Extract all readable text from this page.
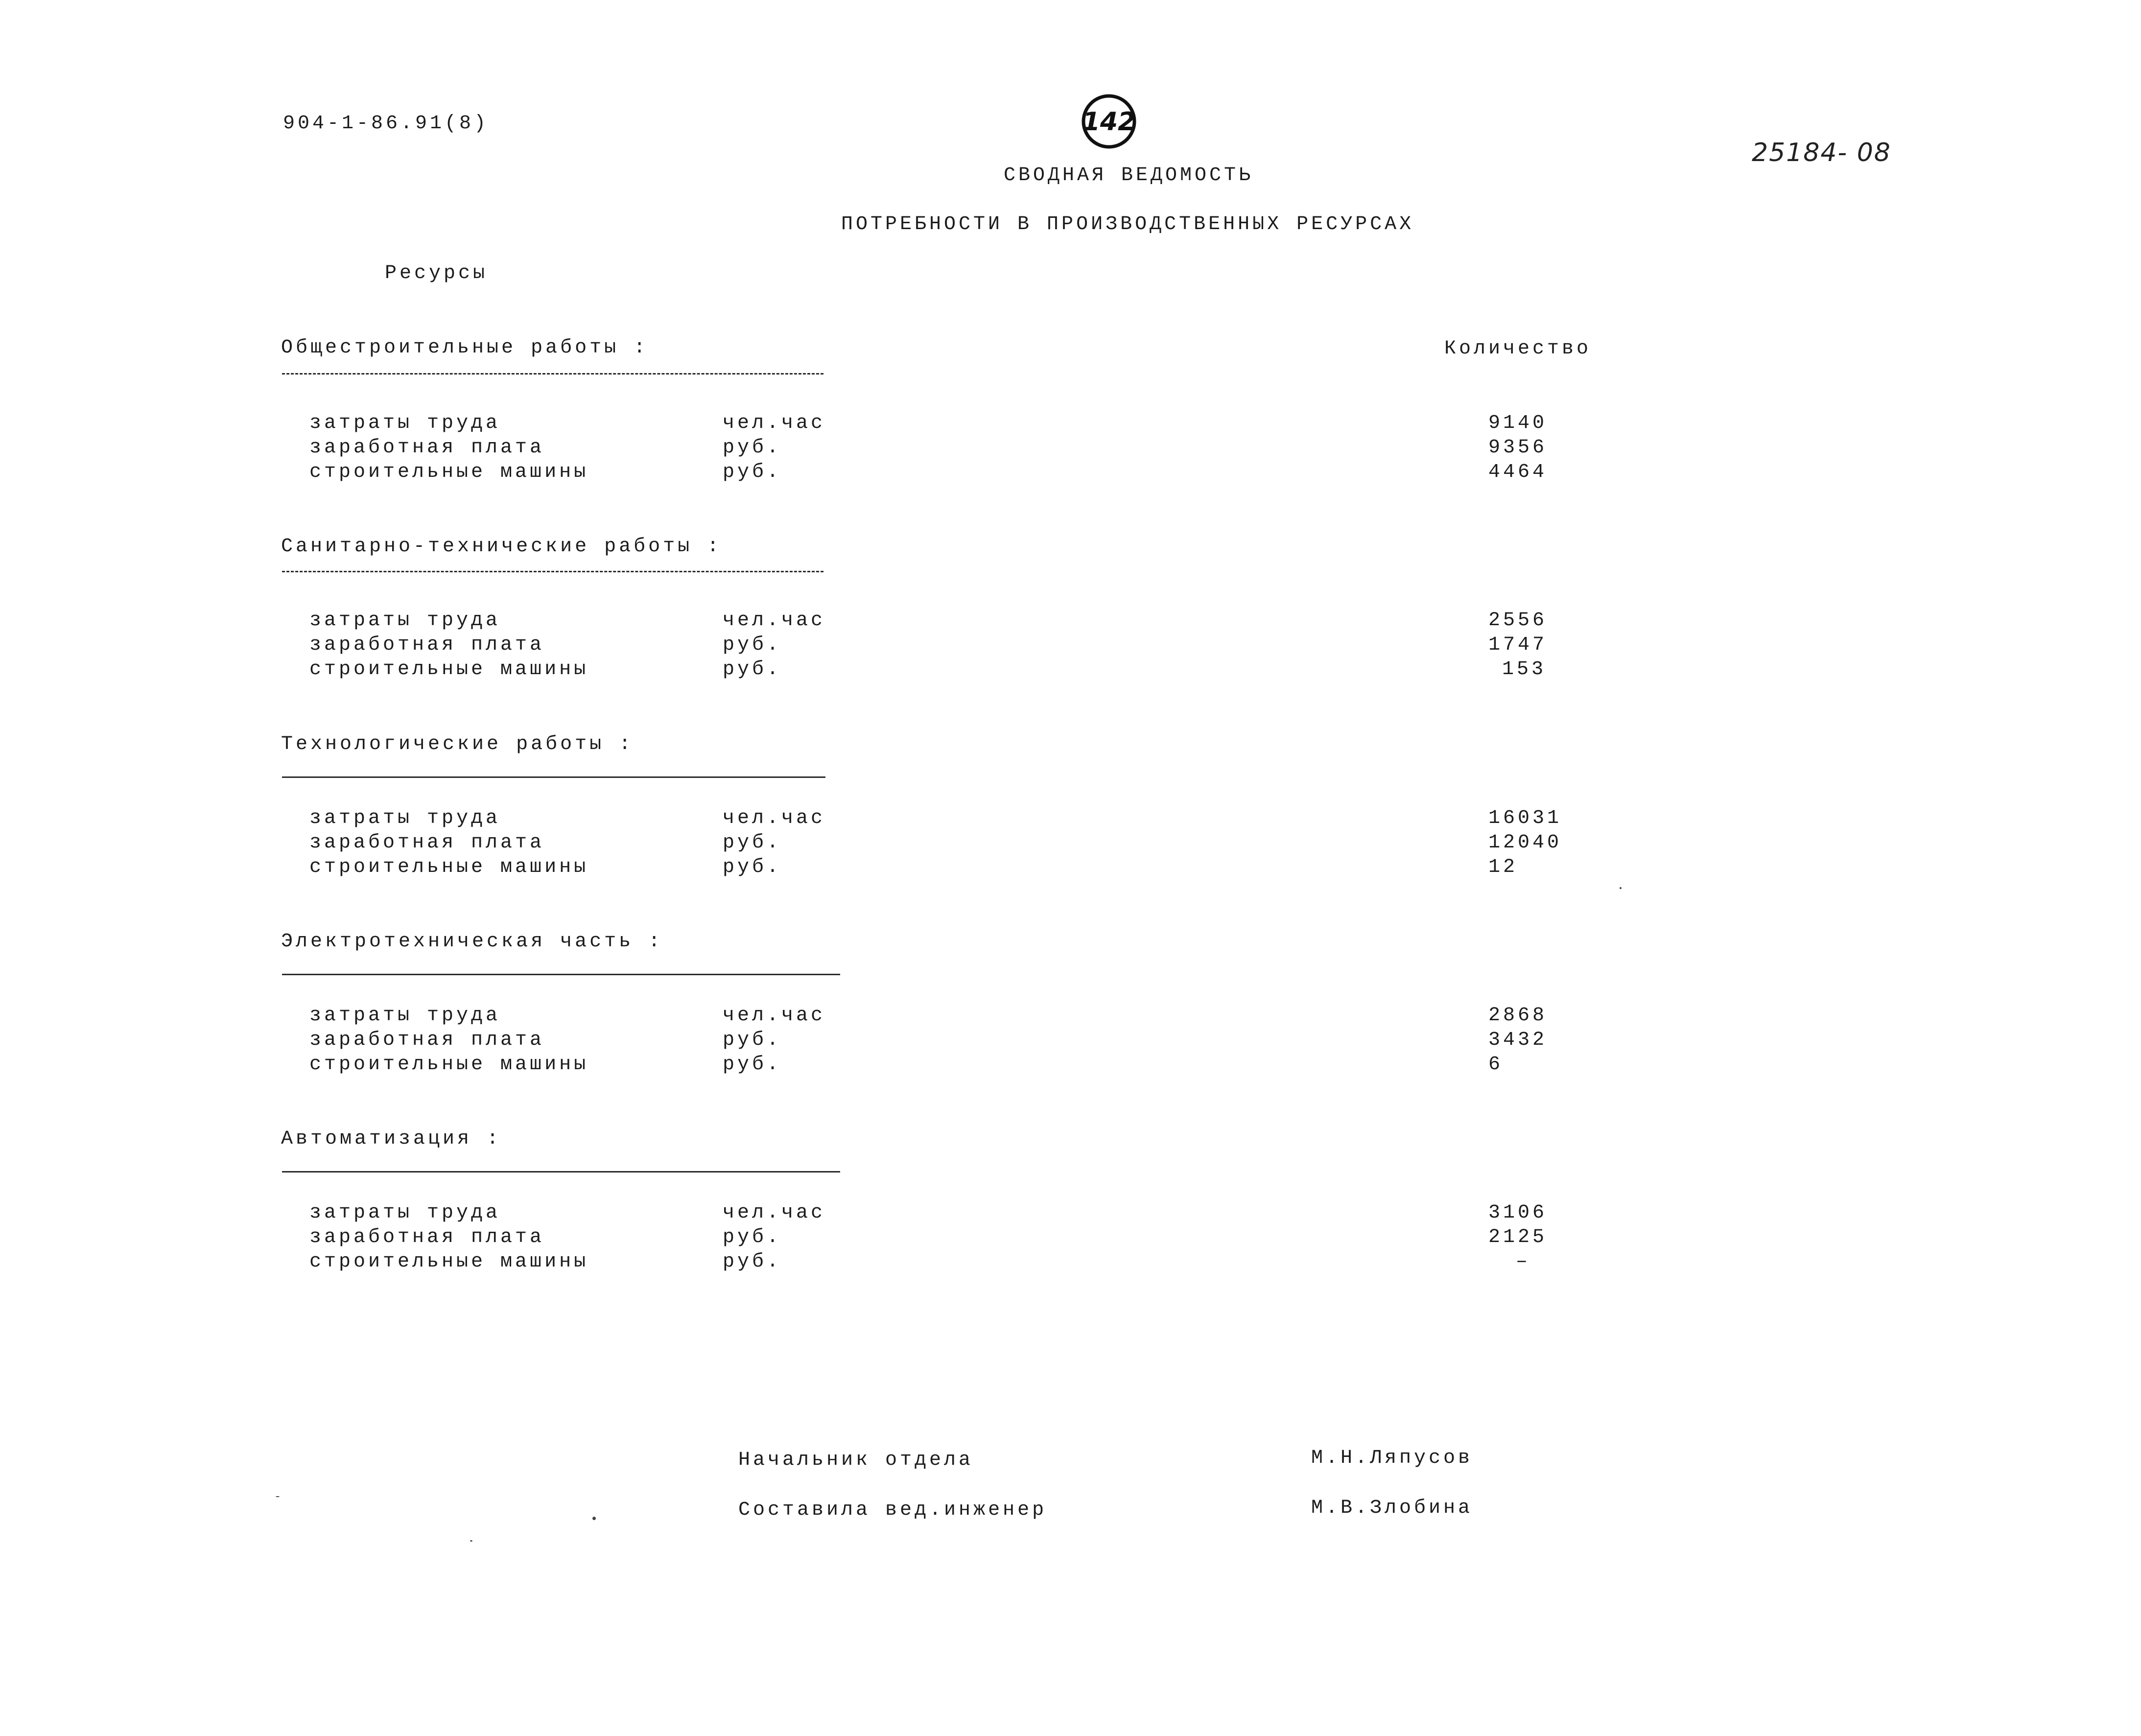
904-1-86.91(8)	142
25184- 08
СВОДНАЯ ВЕДОМОСТЬ
ПОТРЕБНОСТИ В ПРОИЗВОДСТВЕННЫХ РЕСУРСАХ
Ресурсы
Количество
Общестроительные работы :
затраты труда	чел.час	9140
заработная плата	руб.	9356
строительные машины	руб.	4464
Санитарно-технические работы :
затраты труда	чел.час	2556
заработная плата	руб.	1747
строительные машины	руб.	153
Технологические работы :
затраты труда	чел.час	16031
заработная плата	руб.	12040
строительные машины	руб.	12
Электротехническая часть :
затраты труда	чел.час	2868
заработная плата	руб.	3432
строительные машины	руб.	6
Автоматизация :
затраты труда	чел.час	3106
заработная плата	руб.	2125
строительные машины	руб.	–
Начальник отдела	М.Н.Ляпусов
Составила вед.инженер	М.В.Злобина
